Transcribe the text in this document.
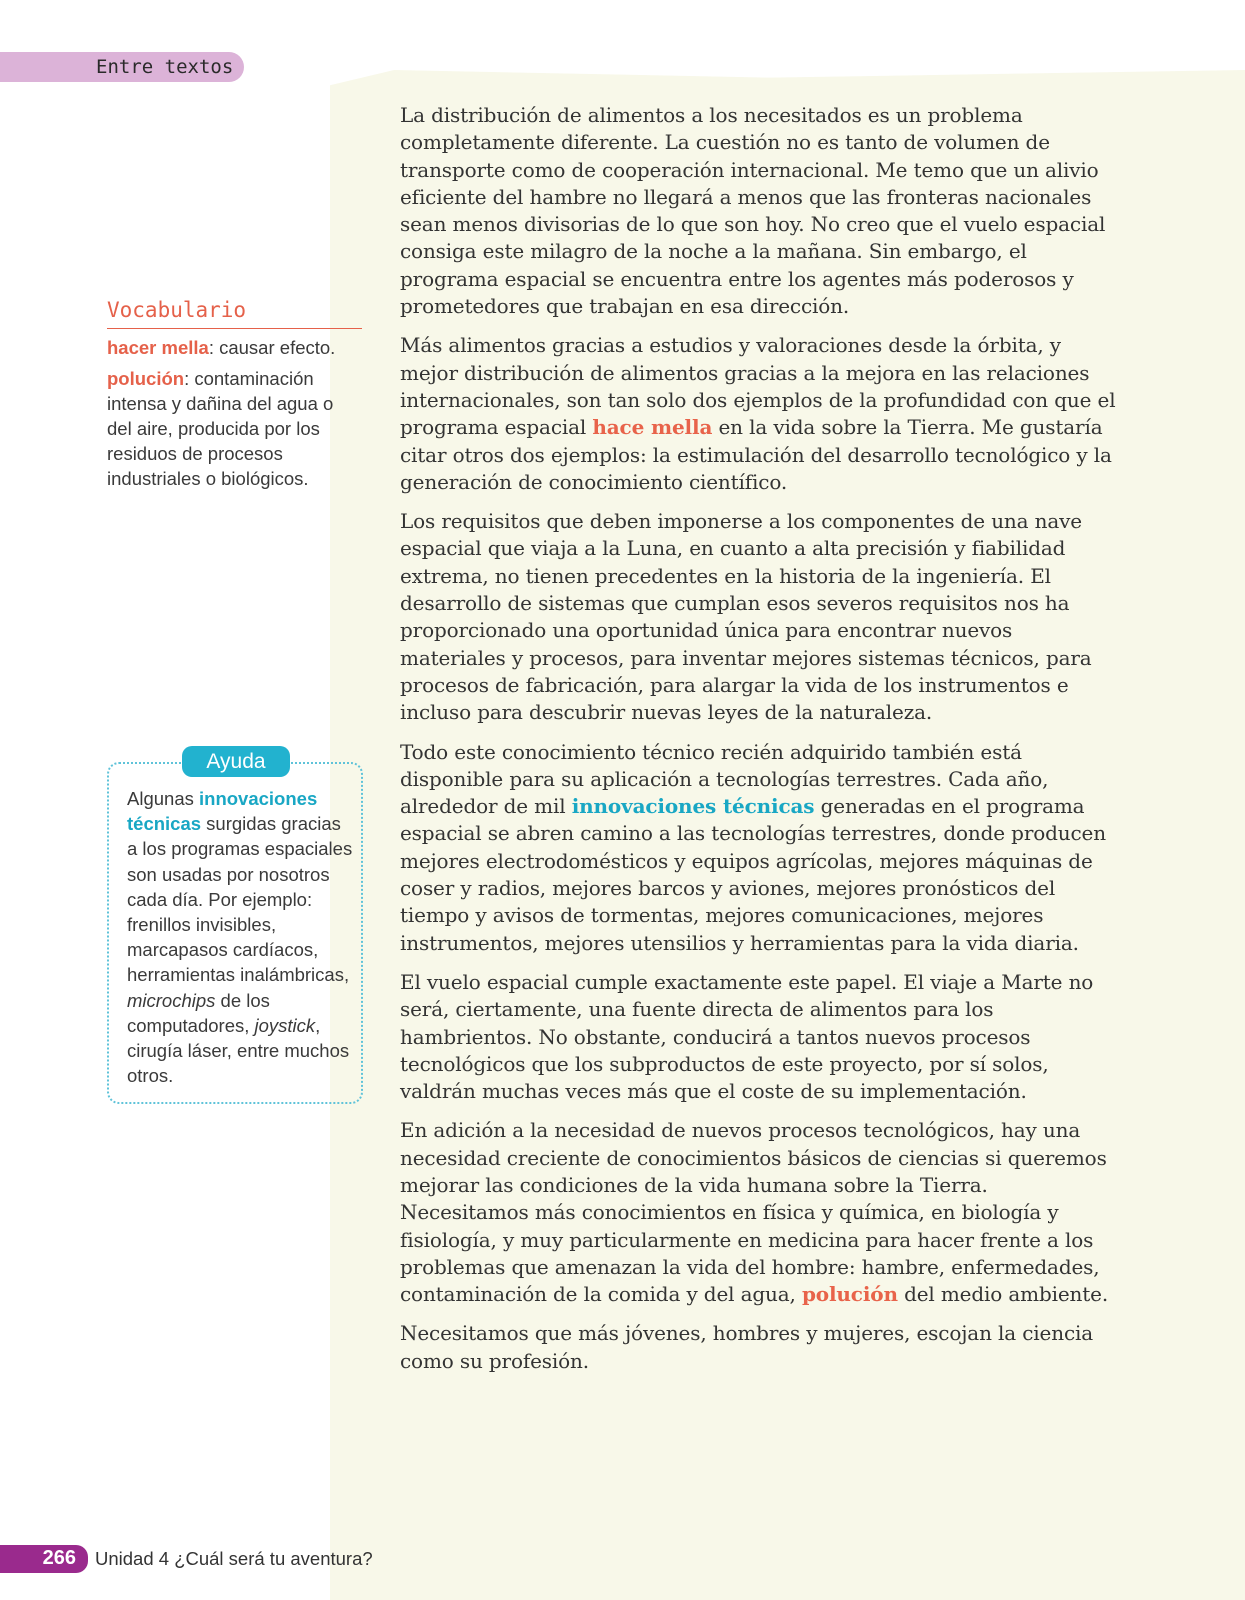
Entre textos

La distribución de alimentos a los necesitados es un problema completamente diferente. La cuestión no es tanto de volumen de transporte como de cooperación internacional. Me temo que un alivio eficiente del hambre no llegará a menos que las fronteras nacionales sean menos divisorias de lo que son hoy. No creo que el vuelo espacial consiga este milagro de la noche a la mañana. Sin embargo, el programa espacial se encuentra entre los agentes más poderosos y prometedores que trabajan en esa dirección.

Más alimentos gracias a estudios y valoraciones desde la órbita, y mejor distribución de alimentos gracias a la mejora en las relaciones internacionales, son tan solo dos ejemplos de la profundidad con que el programa espacial hace mella en la vida sobre la Tierra. Me gustaría citar otros dos ejemplos: la estimulación del desarrollo tecnológico y la generación de conocimiento científico.

Los requisitos que deben imponerse a los componentes de una nave espacial que viaja a la Luna, en cuanto a alta precisión y fiabilidad extrema, no tienen precedentes en la historia de la ingeniería. El desarrollo de sistemas que cumplan esos severos requisitos nos ha proporcionado una oportunidad única para encontrar nuevos materiales y procesos, para inventar mejores sistemas técnicos, para procesos de fabricación, para alargar la vida de los instrumentos e incluso para descubrir nuevas leyes de la naturaleza.

Todo este conocimiento técnico recién adquirido también está disponible para su aplicación a tecnologías terrestres. Cada año, alrededor de mil innovaciones técnicas generadas en el programa espacial se abren camino a las tecnologías terrestres, donde producen mejores electrodomésticos y equipos agrícolas, mejores máquinas de coser y radios, mejores barcos y aviones, mejores pronósticos del tiempo y avisos de tormentas, mejores comunicaciones, mejores instrumentos, mejores utensilios y herramientas para la vida diaria.

El vuelo espacial cumple exactamente este papel. El viaje a Marte no será, ciertamente, una fuente directa de alimentos para los hambrientos. No obstante, conducirá a tantos nuevos procesos tecnológicos que los subproductos de este proyecto, por sí solos, valdrán muchas veces más que el coste de su implementación.

En adición a la necesidad de nuevos procesos tecnológicos, hay una necesidad creciente de conocimientos básicos de ciencias si queremos mejorar las condiciones de la vida humana sobre la Tierra. Necesitamos más conocimientos en física y química, en biología y fisiología, y muy particularmente en medicina para hacer frente a los problemas que amenazan la vida del hombre: hambre, enfermedades, contaminación de la comida y del agua, polución del medio ambiente.

Necesitamos que más jóvenes, hombres y mujeres, escojan la ciencia como su profesión.

Vocabulario
hacer mella: causar efecto.
polución: contaminación intensa y dañina del agua o del aire, producida por los residuos de procesos industriales o biológicos.
Ayuda
Algunas innovaciones técnicas surgidas gracias a los programas espaciales son usadas por nosotros cada día. Por ejemplo: frenillos invisibles, marcapasos cardíacos, herramientas inalámbricas, microchips de los computadores, joystick, cirugía láser, entre muchos otros.
266 Unidad 4 ¿Cuál será tu aventura?
